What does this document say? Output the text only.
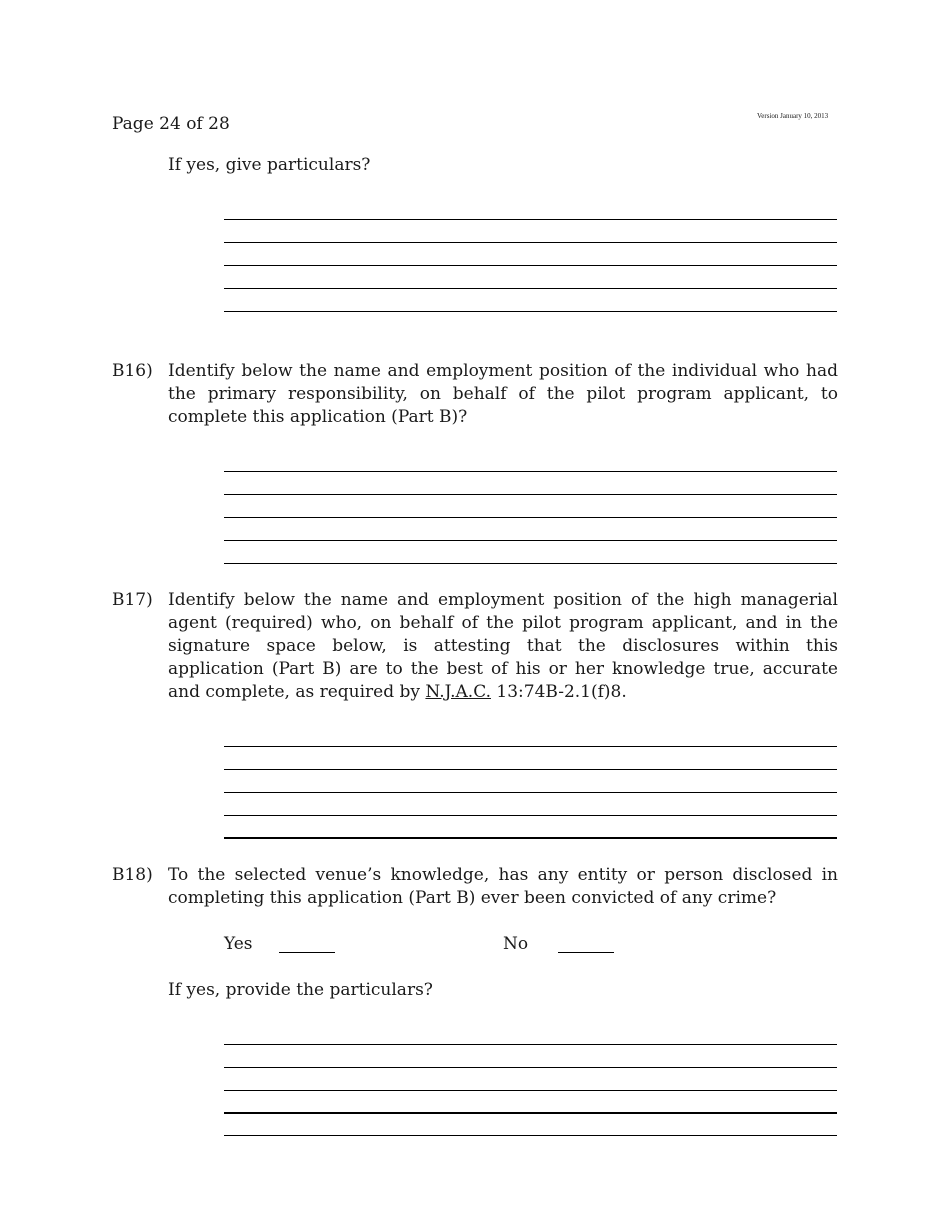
Page 24 of 28	Version January 10, 2013
If yes, give particulars?
B16) Identify below the name and employment position of the individual who had the primary responsibility, on behalf of the pilot program applicant, to complete this application (Part B)?
B17) Identify below the name and employment position of the high managerial agent (required) who, on behalf of the pilot program applicant, and in the signature space below, is attesting that the disclosures within this application (Part B) are to the best of his or her knowledge true, accurate and complete, as required by N.J.A.C. 13:74B-2.1(f)8.
B18) To the selected venue’s knowledge, has any entity or person disclosed in completing this application (Part B) ever been convicted of any crime?
Yes	No
If yes, provide the particulars?
